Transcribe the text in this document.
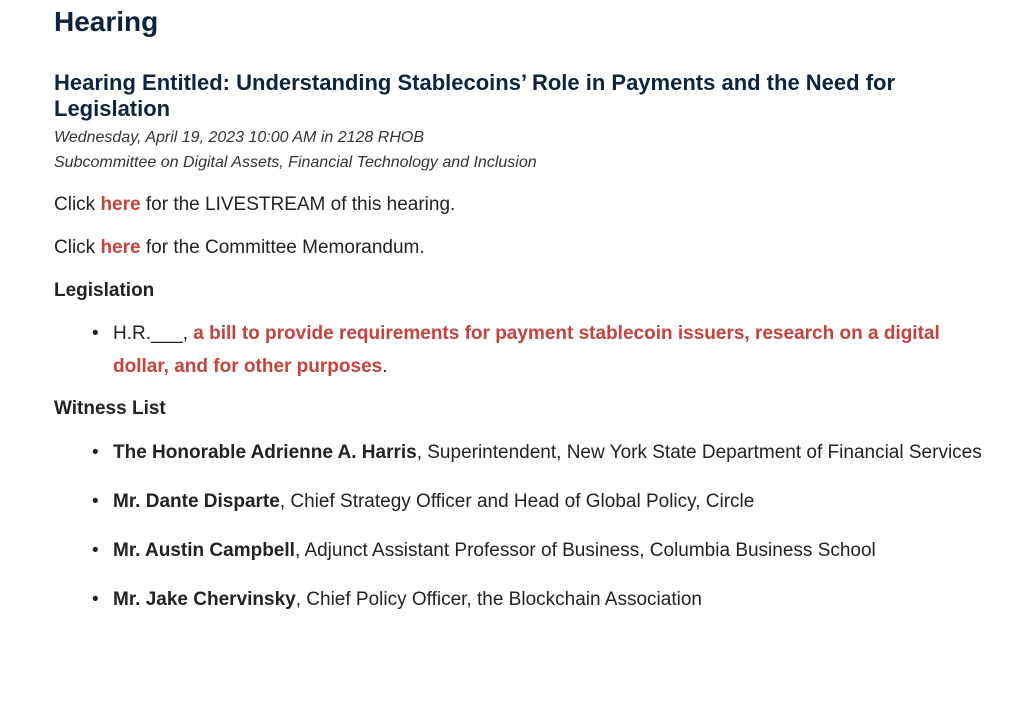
Hearing
Hearing Entitled: Understanding Stablecoins’ Role in Payments and the Need for Legislation

Wednesday, April 19, 2023 10:00 AM in 2128 RHOB

Subcommittee on Digital Assets, Financial Technology and Inclusion

Click here for the LIVESTREAM of this hearing.

Click here for the Committee Memorandum.

Legislation
• H.R.___, a bill to provide requirements for payment stablecoin issuers, research on a digital dollar, and for other purposes.
Witness List
• The Honorable Adrienne A. Harris, Superintendent, New York State Department of Financial Services
• Mr. Dante Disparte, Chief Strategy Officer and Head of Global Policy, Circle
• Mr. Austin Campbell, Adjunct Assistant Professor of Business, Columbia Business School
• Mr. Jake Chervinsky, Chief Policy Officer, the Blockchain Association
